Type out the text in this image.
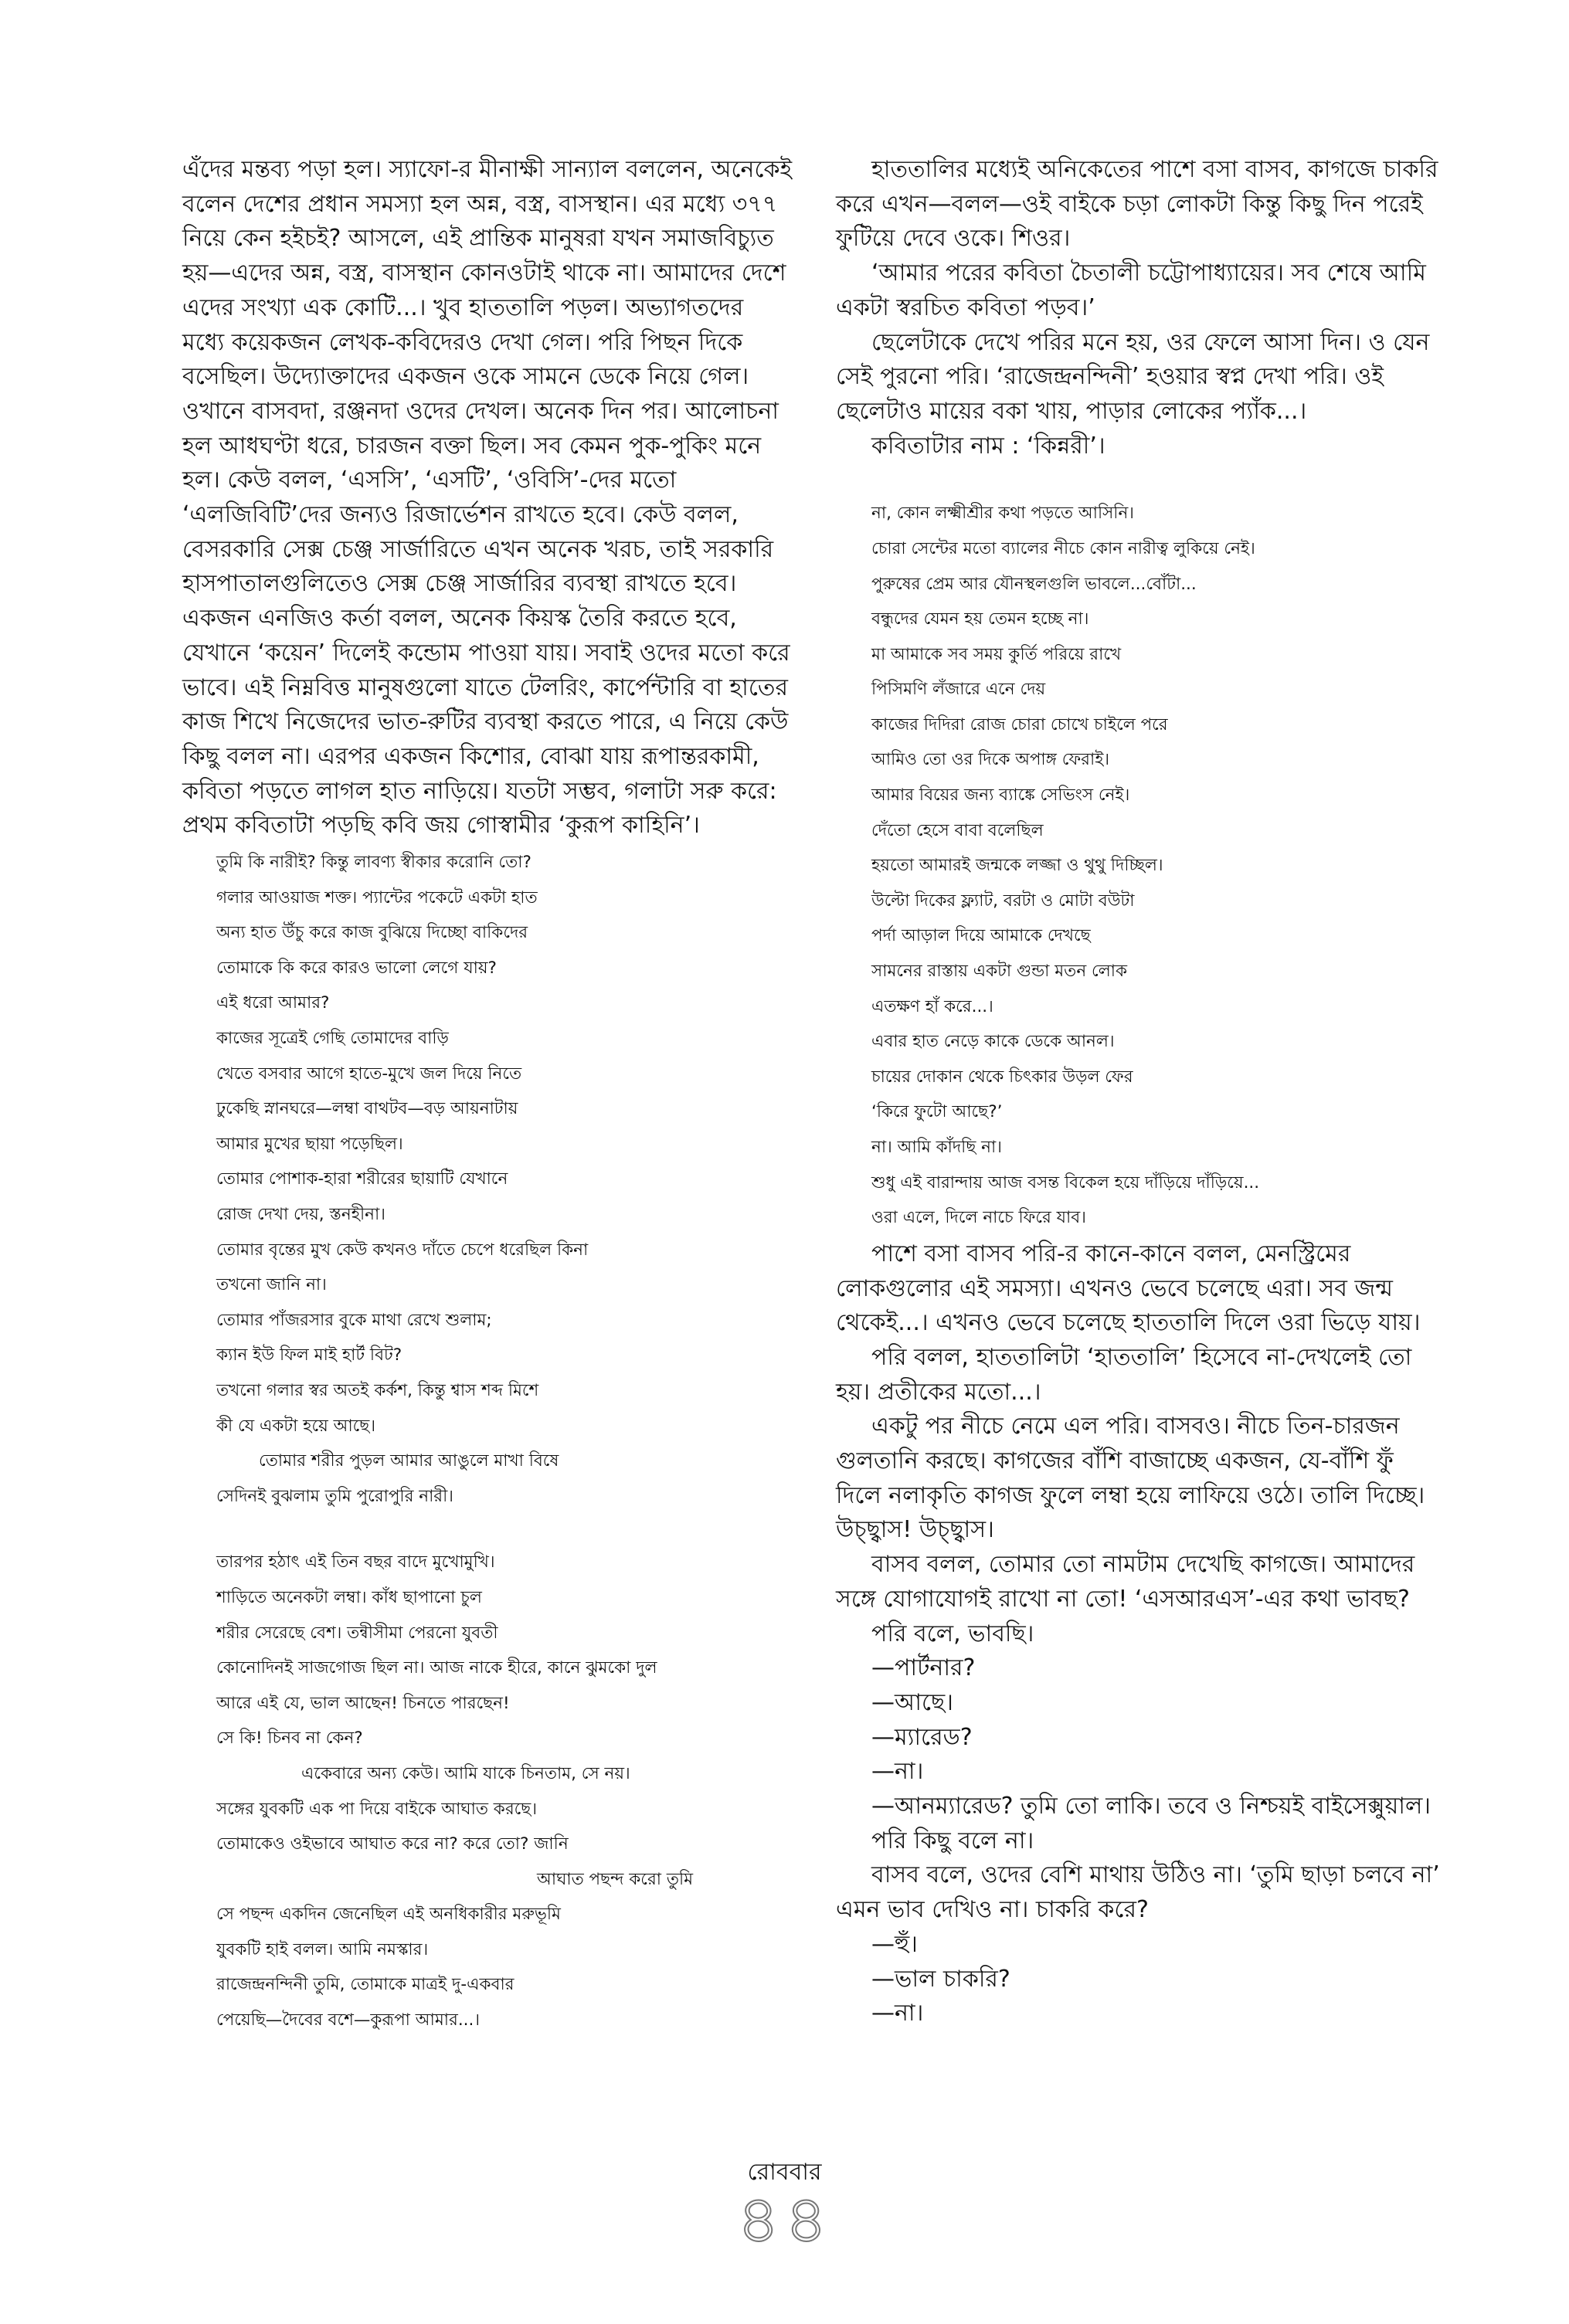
এঁদের মন্তব্য পড়া হল। স্যাফো-র মীনাক্ষী সান্যাল বললেন, অনেকেই বলেন দেশের প্রধান সমস্যা হল অন্ন, বস্ত্র, বাসস্থান। এর মধ্যে ৩৭৭ নিয়ে কেন হইচই? আসলে, এই প্রান্তিক মানুষরা যখন সমাজবিচ্যুত হয়—এদের অন্ন, বস্ত্র, বাসস্থান কোনওটাই থাকে না। আমাদের দেশে এদের সংখ্যা এক কোটি...। খুব হাততালি পড়ল। অভ্যাগতদের মধ্যে কয়েকজন লেখক-কবিদেরও দেখা গেল। পরি পিছন দিকে বসেছিল। উদ্যোক্তাদের একজন ওকে সামনে ডেকে নিয়ে গেল। ওখানে বাসবদা, রঞ্জনদা ওদের দেখল। অনেক দিন পর। আলোচনা হল আধঘণ্টা ধরে, চারজন বক্তা ছিল। সব কেমন পুক-পুকিং মনে হল। কেউ বলল, ‘এসসি’, ‘এসটি’, ‘ওবিসি’-দের মতো ‘এলজিবিটি’দের জন্যও রিজার্ভেশন রাখতে হবে। কেউ বলল, বেসরকারি সেক্স চেঞ্জ সার্জারিতে এখন অনেক খরচ, তাই সরকারি হাসপাতালগুলিতেও সেক্স চেঞ্জ সার্জারির ব্যবস্থা রাখতে হবে। একজন এনজিও কর্তা বলল, অনেক কিয়স্ক তৈরি করতে হবে, যেখানে ‘কয়েন’ দিলেই কন্ডোম পাওয়া যায়। সবাই ওদের মতো করে ভাবে। এই নিম্নবিত্ত মানুষগুলো যাতে টেলরিং, কার্পেন্টারি বা হাতের কাজ শিখে নিজেদের ভাত-রুটির ব্যবস্থা করতে পারে, এ নিয়ে কেউ কিছু বলল না। এরপর একজন কিশোর, বোঝা যায় রূপান্তরকামী, কবিতা পড়তে লাগল হাত নাড়িয়ে। যতটা সম্ভব, গলাটা সরু করে: প্রথম কবিতাটা পড়ছি কবি জয় গোস্বামীর ‘কুরূপ কাহিনি’।

তুমি কি নারীই? কিন্তু লাবণ্য স্বীকার করোনি তো?
গলার আওয়াজ শক্ত। প্যান্টের পকেটে একটা হাত
অন্য হাত উঁচু করে কাজ বুঝিয়ে দিচ্ছো বাকিদের
তোমাকে কি করে কারও ভালো লেগে যায়?
এই ধরো আমার?
কাজের সূত্রেই গেছি তোমাদের বাড়ি
খেতে বসবার আগে হাতে-মুখে জল দিয়ে নিতে
ঢুকেছি স্নানঘরে—লম্বা বাথটব—বড় আয়নাটায়
আমার মুখের ছায়া পড়েছিল।
তোমার পোশাক-হারা শরীরের ছায়াটি যেখানে
রোজ দেখা দেয়, স্তনহীনা।
তোমার বৃন্তের মুখ কেউ কখনও দাঁতে চেপে ধরেছিল কিনা
তখনো জানি না।
তোমার পাঁজরসার বুকে মাথা রেখে শুলাম;
ক্যান ইউ ফিল মাই হার্ট বিট?
তখনো গলার স্বর অতই কর্কশ, কিন্তু শ্বাস শব্দ মিশে
কী যে একটা হয়ে আছে।
তোমার শরীর পুড়ল আমার আঙুলে মাখা বিষে
সেদিনই বুঝলাম তুমি পুরোপুরি নারী।
তারপর হঠাৎ এই তিন বছর বাদে মুখোমুখি।
শাড়িতে অনেকটা লম্বা। কাঁধ ছাপানো চুল
শরীর সেরেছে বেশ। তন্বীসীমা পেরনো যুবতী
কোনোদিনই সাজগোজ ছিল না। আজ নাকে হীরে, কানে ঝুমকো দুল
আরে এই যে, ভাল আছেন! চিনতে পারছেন!
সে কি! চিনব না কেন?
একেবারে অন্য কেউ। আমি যাকে চিনতাম, সে নয়।
সঙ্গের যুবকটি এক পা দিয়ে বাইকে আঘাত করছে।
তোমাকেও ওইভাবে আঘাত করে না? করে তো? জানি
আঘাত পছন্দ করো তুমি
সে পছন্দ একদিন জেনেছিল এই অনধিকারীর মরুভূমি
যুবকটি হাই বলল। আমি নমস্কার।
রাজেন্দ্রনন্দিনী তুমি, তোমাকে মাত্রই দু-একবার
পেয়েছি—দৈবের বশে—কুরূপা আমার...।

হাততালির মধ্যেই অনিকেতের পাশে বসা বাসব, কাগজে চাকরি করে এখন—বলল—ওই বাইকে চড়া লোকটা কিন্তু কিছু দিন পরেই ফুটিয়ে দেবে ওকে। শিওর।

‘আমার পরের কবিতা চৈতালী চট্টোপাধ্যায়ের। সব শেষে আমি একটা স্বরচিত কবিতা পড়ব।’

ছেলেটাকে দেখে পরির মনে হয়, ওর ফেলে আসা দিন। ও যেন সেই পুরনো পরি। ‘রাজেন্দ্রনন্দিনী’ হওয়ার স্বপ্ন দেখা পরি। ওই ছেলেটাও মায়ের বকা খায়, পাড়ার লোকের প্যাঁক...।

কবিতাটার নাম : ‘কিন্নরী’।

না, কোন লক্ষ্মীশ্রীর কথা পড়তে আসিনি।
চোরা সেন্টের মতো ব্যালের নীচে কোন নারীত্ব লুকিয়ে নেই।
পুরুষের প্রেম আর যৌনস্থলগুলি ভাবলে...বোঁটা...
বন্ধুদের যেমন হয় তেমন হচ্ছে না।
মা আমাকে সব সময় কুর্তি পরিয়ে রাখে
পিসিমণি লঁজারে এনে দেয়
কাজের দিদিরা রোজ চোরা চোখে চাইলে পরে
আমিও তো ওর দিকে অপাঙ্গ ফেরাই।
আমার বিয়ের জন্য ব্যাঙ্কে সেভিংস নেই।
দেঁতো হেসে বাবা বলেছিল
হয়তো আমারই জন্মকে লজ্জা ও থুথু দিচ্ছিল।
উল্টো দিকের ফ্ল্যাট, বরটা ও মোটা বউটা
পর্দা আড়াল দিয়ে আমাকে দেখছে
সামনের রাস্তায় একটা গুন্ডা মতন লোক
এতক্ষণ হাঁ করে...।
এবার হাত নেড়ে কাকে ডেকে আনল।
চায়ের দোকান থেকে চিৎকার উড়ল ফের
‘কিরে ফুটো আছে?’
না। আমি কাঁদছি না।
শুধু এই বারান্দায় আজ বসন্ত বিকেল হয়ে দাঁড়িয়ে দাঁড়িয়ে...
ওরা এলে, দিলে নাচে ফিরে যাব।

পাশে বসা বাসব পরি-র কানে-কানে বলল, মেনস্ট্রিমের লোকগুলোর এই সমস্যা। এখনও ভেবে চলেছে এরা। সব জন্ম থেকেই...। এখনও ভেবে চলেছে হাততালি দিলে ওরা ভিড়ে যায়।

পরি বলল, হাততালিটা ‘হাততালি’ হিসেবে না-দেখলেই তো হয়। প্রতীকের মতো...।

একটু পর নীচে নেমে এল পরি। বাসবও। নীচে তিন-চারজন গুলতানি করছে। কাগজের বাঁশি বাজাচ্ছে একজন, যে-বাঁশি ফুঁ দিলে নলাকৃতি কাগজ ফুলে লম্বা হয়ে লাফিয়ে ওঠে। তালি দিচ্ছে। উচ্ছ্বাস! উচ্ছ্বাস।

বাসব বলল, তোমার তো নামটাম দেখেছি কাগজে। আমাদের সঙ্গে যোগাযোগই রাখো না তো! ‘এসআরএস’-এর কথা ভাবছ?

পরি বলে, ভাবছি।

—পার্টনার?

—আছে।

—ম্যারেড?

—না।

—আনম্যারেড? তুমি তো লাকি। তবে ও নিশ্চয়ই বাইসেক্সুয়াল।

পরি কিছু বলে না।

বাসব বলে, ওদের বেশি মাথায় উঠিও না। ‘তুমি ছাড়া চলবে না’ এমন ভাব দেখিও না। চাকরি করে?

—হুঁ।

—ভাল চাকরি?

—না।

রোববার
৪৪
